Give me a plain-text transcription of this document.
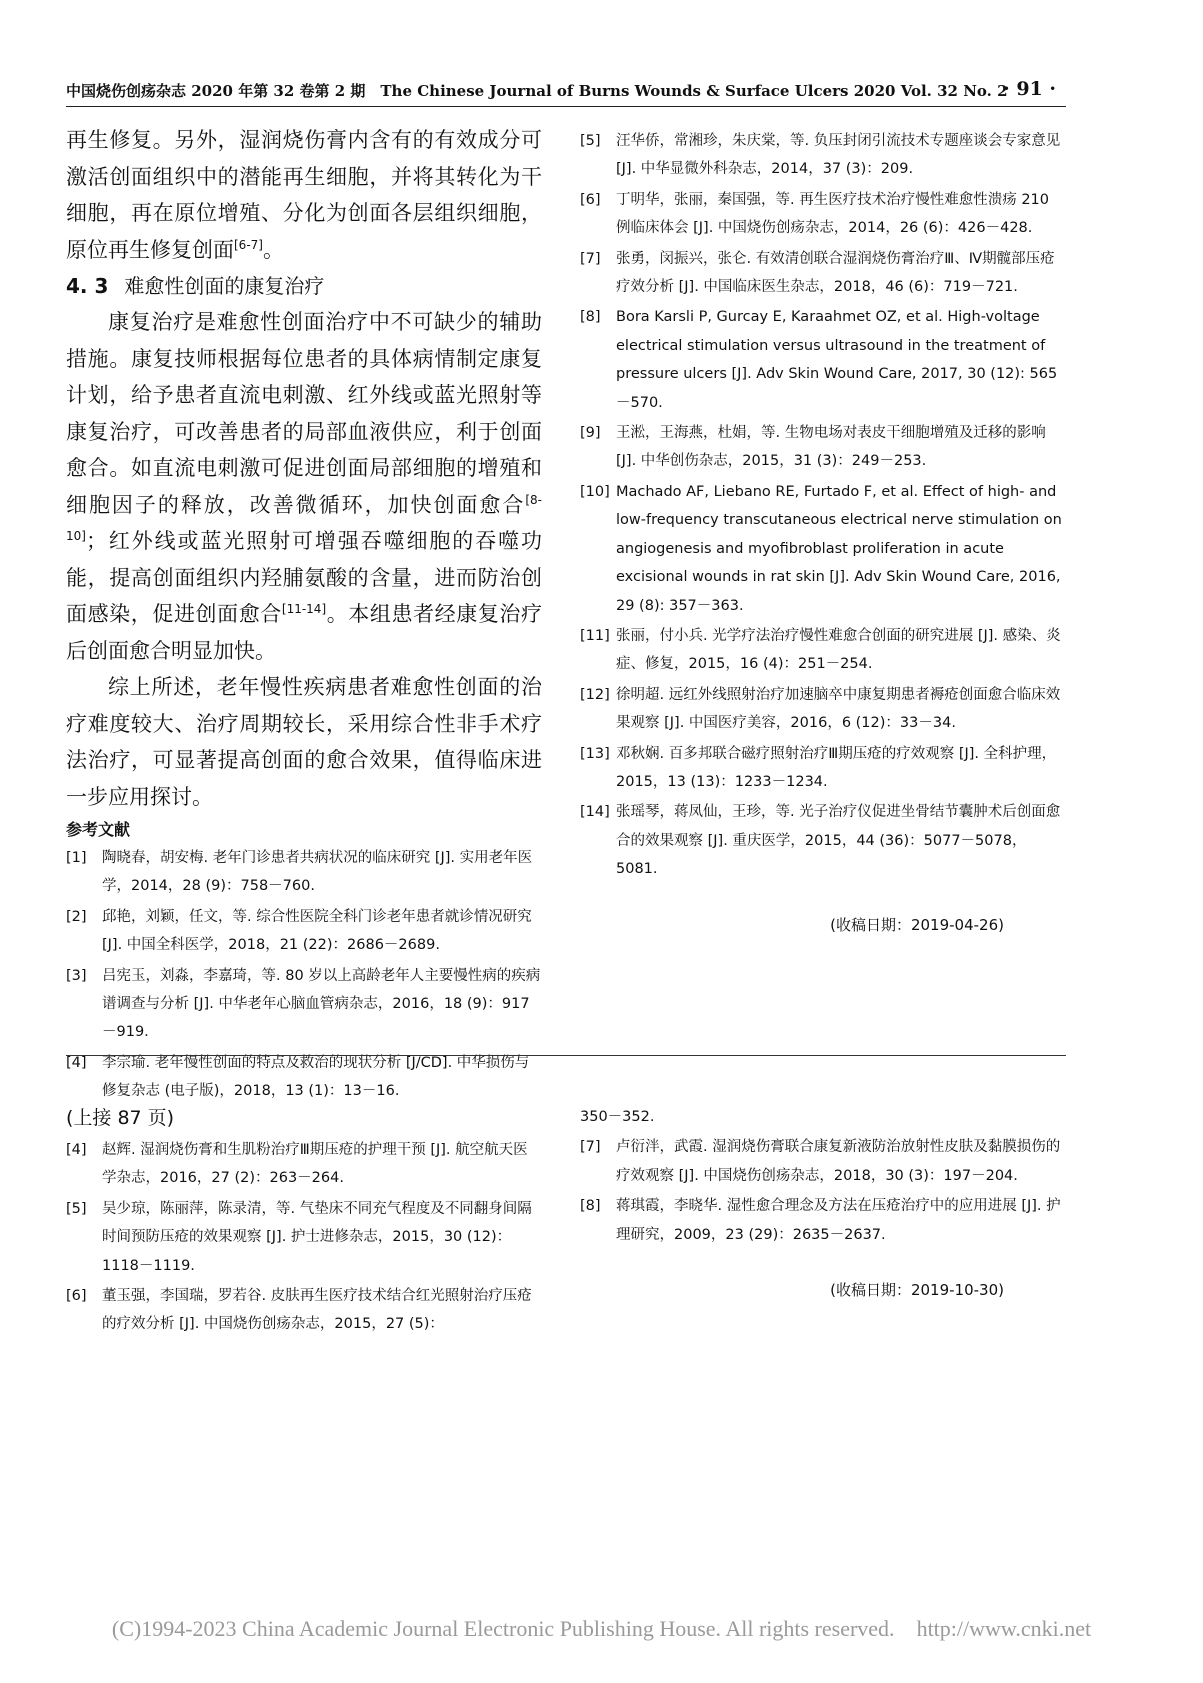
中国烧伤创疡杂志 2020 年第 32 卷第 2 期　The Chinese Journal of Burns Wounds & Surface Ulcers 2020 Vol. 32 No. 2
· 91 ·

再生修复。另外，湿润烧伤膏内含有的有效成分可激活创面组织中的潜能再生细胞，并将其转化为干细胞，再在原位增殖、分化为创面各层组织细胞，原位再生修复创面[6-7]。

4. 3 难愈性创面的康复治疗

康复治疗是难愈性创面治疗中不可缺少的辅助措施。康复技师根据每位患者的具体病情制定康复计划，给予患者直流电刺激、红外线或蓝光照射等康复治疗，可改善患者的局部血液供应，利于创面愈合。如直流电刺激可促进创面局部细胞的增殖和细胞因子的释放，改善微循环，加快创面愈合[8-10]；红外线或蓝光照射可增强吞噬细胞的吞噬功能，提高创面组织内羟脯氨酸的含量，进而防治创面感染，促进创面愈合[11-14]。本组患者经康复治疗后创面愈合明显加快。

综上所述，老年慢性疾病患者难愈性创面的治疗难度较大、治疗周期较长，采用综合性非手术疗法治疗，可显著提高创面的愈合效果，值得临床进一步应用探讨。

参考文献
[1] 陶晓春，胡安梅. 老年门诊患者共病状况的临床研究 [J]. 实用老年医学，2014，28 (9)：758－760.
[2] 邱艳，刘颖，任文，等. 综合性医院全科门诊老年患者就诊情况研究 [J]. 中国全科医学，2018，21 (22)：2686－2689.
[3] 吕宪玉，刘淼，李嘉琦，等. 80 岁以上高龄老年人主要慢性病的疾病谱调查与分析 [J]. 中华老年心脑血管病杂志，2016，18 (9)：917－919.
[4] 李宗瑜. 老年慢性创面的特点及救治的现状分析 [J/CD]. 中华损伤与修复杂志 (电子版)，2018，13 (1)：13－16.
[5] 汪华侨，常湘珍，朱庆棠，等. 负压封闭引流技术专题座谈会专家意见 [J]. 中华显微外科杂志，2014，37 (3)：209.
[6] 丁明华，张丽，秦国强，等. 再生医疗技术治疗慢性难愈性溃疡 210 例临床体会 [J]. 中国烧伤创疡杂志，2014，26 (6)：426－428.
[7] 张勇，闵振兴，张仑. 有效清创联合湿润烧伤膏治疗Ⅲ、Ⅳ期髋部压疮疗效分析 [J]. 中国临床医生杂志，2018，46 (6)：719－721.
[8] Bora Karsli P, Gurcay E, Karaahmet OZ, et al. High-voltage electrical stimulation versus ultrasound in the treatment of pressure ulcers [J]. Adv Skin Wound Care, 2017, 30 (12): 565－570.
[9] 王淞，王海燕，杜娟，等. 生物电场对表皮干细胞增殖及迁移的影响 [J]. 中华创伤杂志，2015，31 (3)：249－253.
[10] Machado AF, Liebano RE, Furtado F, et al. Effect of high- and low-frequency transcutaneous electrical nerve stimulation on angiogenesis and myofibroblast proliferation in acute excisional wounds in rat skin [J]. Adv Skin Wound Care, 2016, 29 (8): 357－363.
[11] 张丽，付小兵. 光学疗法治疗慢性难愈合创面的研究进展 [J]. 感染、炎症、修复，2015，16 (4)：251－254.
[12] 徐明超. 远红外线照射治疗加速脑卒中康复期患者褥疮创面愈合临床效果观察 [J]. 中国医疗美容，2016，6 (12)：33－34.
[13] 邓秋娴. 百多邦联合磁疗照射治疗Ⅲ期压疮的疗效观察 [J]. 全科护理，2015，13 (13)：1233－1234.
[14] 张瑶琴，蒋凤仙，王珍，等. 光子治疗仪促进坐骨结节囊肿术后创面愈合的效果观察 [J]. 重庆医学，2015，44 (36)：5077－5078，5081.
(收稿日期：2019-04-26)
(上接 87 页)
[4] 赵辉. 湿润烧伤膏和生肌粉治疗Ⅲ期压疮的护理干预 [J]. 航空航天医学杂志，2016，27 (2)：263－264.
[5] 吴少琼，陈丽萍，陈录清，等. 气垫床不同充气程度及不同翻身间隔时间预防压疮的效果观察 [J]. 护士进修杂志，2015，30 (12)：1118－1119.
[6] 董玉强，李国瑞，罗若谷. 皮肤再生医疗技术结合红光照射治疗压疮的疗效分析 [J]. 中国烧伤创疡杂志，2015，27 (5)：
350－352.
[7] 卢衍泮，武霞. 湿润烧伤膏联合康复新液防治放射性皮肤及黏膜损伤的疗效观察 [J]. 中国烧伤创疡杂志，2018，30 (3)：197－204.
[8] 蒋琪霞，李晓华. 湿性愈合理念及方法在压疮治疗中的应用进展 [J]. 护理研究，2009，23 (29)：2635－2637.
(收稿日期：2019-10-30)
(C)1994-2023 China Academic Journal Electronic Publishing House. All rights reserved. http://www.cnki.net
